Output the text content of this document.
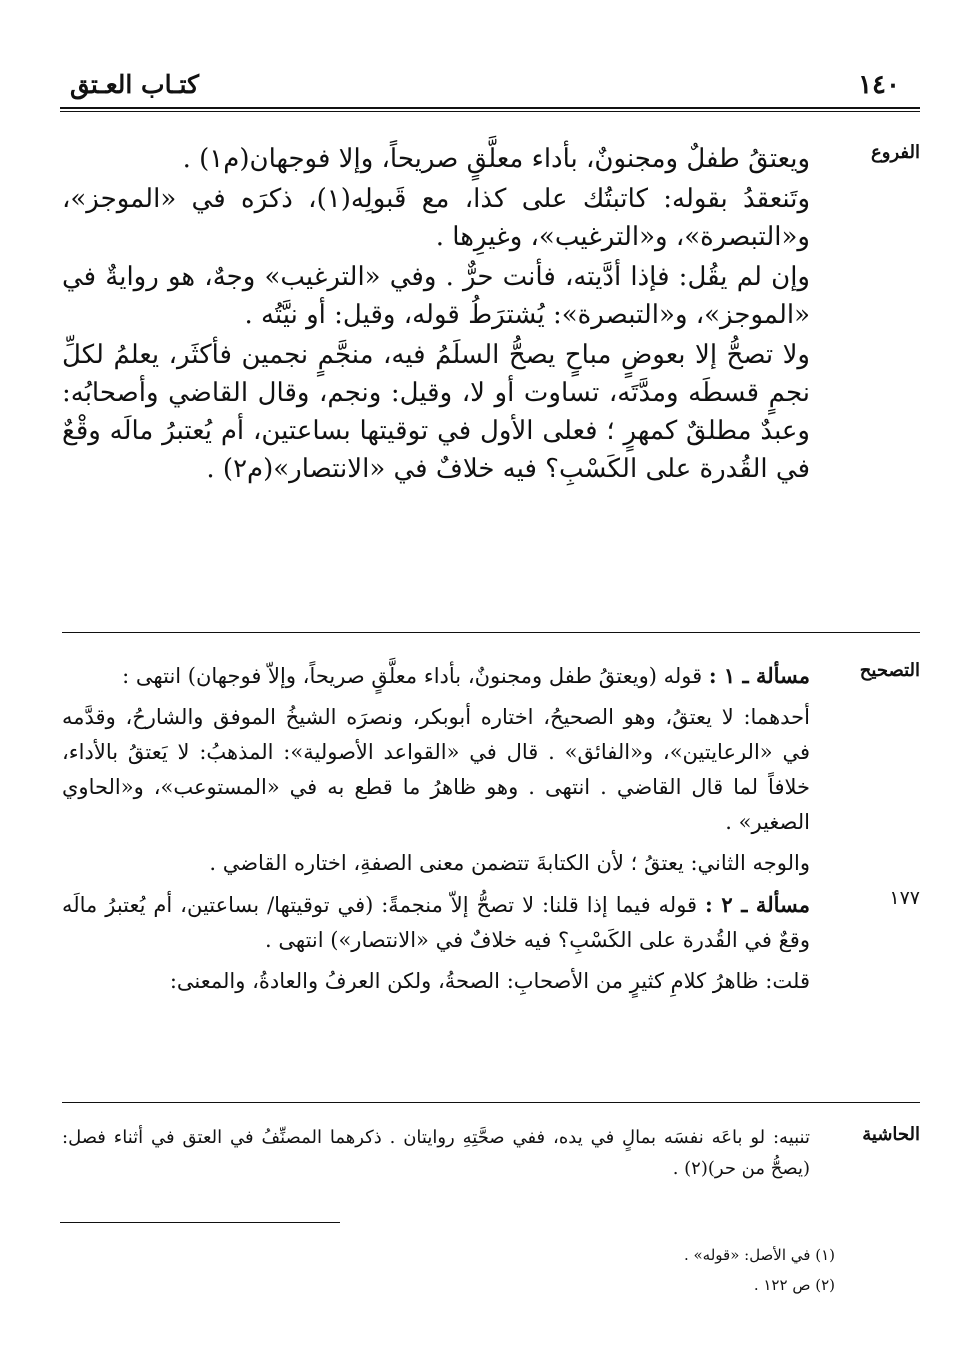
١٤٠
كتـاب العـتق
الفروع

ويعتقُ طفلٌ ومجنونٌ، بأداء معلَّقٍ صريحاً، وإلا فوجهان(م١) .

وتَنعقدُ بقوله: كاتبتُك على كذا، مع قَبولِه(١)، ذكرَه في «الموجز»، و«التبصرة»، و«الترغيب»، وغيرِها .

وإن لم يقُل: فإذا أدَّيته، فأنت حرٌّ . وفي «الترغيب» وجهٌ، هو روايةٌ في «الموجز»، و«التبصرة»: يُشترَطُ قوله، وقيل: أو نيَّتُه .

ولا تصحُّ إلا بعوضٍ مباحٍ يصحُّ السلَمُ فيه، منجَّمٍ نجمين فأكثَر، يعلمُ لكلِّ نجمٍ قسطَه ومدَّتَه، تساوت أو لا، وقيل: ونجم، وقال القاضي وأصحابُه: وعبدٌ مطلقٌ كمهرٍ ؛ فعلى الأول في توقيتها بساعتين، أم يُعتبرُ مالَه وقْعٌ في القُدرة على الكَسْبِ؟ فيه خلافٌ في «الانتصار»(م٢) .

التصحيح

مسألة ـ ١ : قوله (ويعتقُ طفل ومجنونٌ، بأداء معلَّقٍ صريحاً، وإلاّ فوجهان) انتهى :

أحدهما: لا يعتقُ، وهو الصحيحُ، اختاره أبوبكر، ونصرَه الشيخُ الموفق والشارحُ، وقدَّمه في «الرعايتين»، و«الفائق» . قال في «القواعد الأصولية»: المذهبُ: لا يَعتقُ بالأداء، خلافاً لما قال القاضي . انتهى . وهو ظاهرُ ما قطع به في «المستوعب»، و«الحاوي الصغير» .

والوجه الثاني: يعتقُ ؛ لأن الكتابةَ تتضمن معنى الصفةِ، اختاره القاضي .

١٧٧

مسألة ـ ٢ : قوله فيما إذا قلنا: لا تصحُّ إلاّ منجمةً: (في توقيتها/ بساعتين، أم يُعتبرُ مالَه وقعٌ في القُدرة على الكَسْبِ؟ فيه خلافٌ في «الانتصار») انتهى .

قلت: ظاهرُ كلامِ كثيرٍ من الأصحابِ: الصحةُ، ولكن العرفُ والعادةُ، والمعنى:

الحاشية

تنبيه: لو باعَه نفسَه بمالٍ في يده، ففي صحَّتِهِ روايتان . ذكرهما المصنِّفُ في العتق في أثناء فصل: (يصحُّ من حر)(٢) .

(١) في الأصل: «قوله» .

(٢) ص ١٢٢ .
